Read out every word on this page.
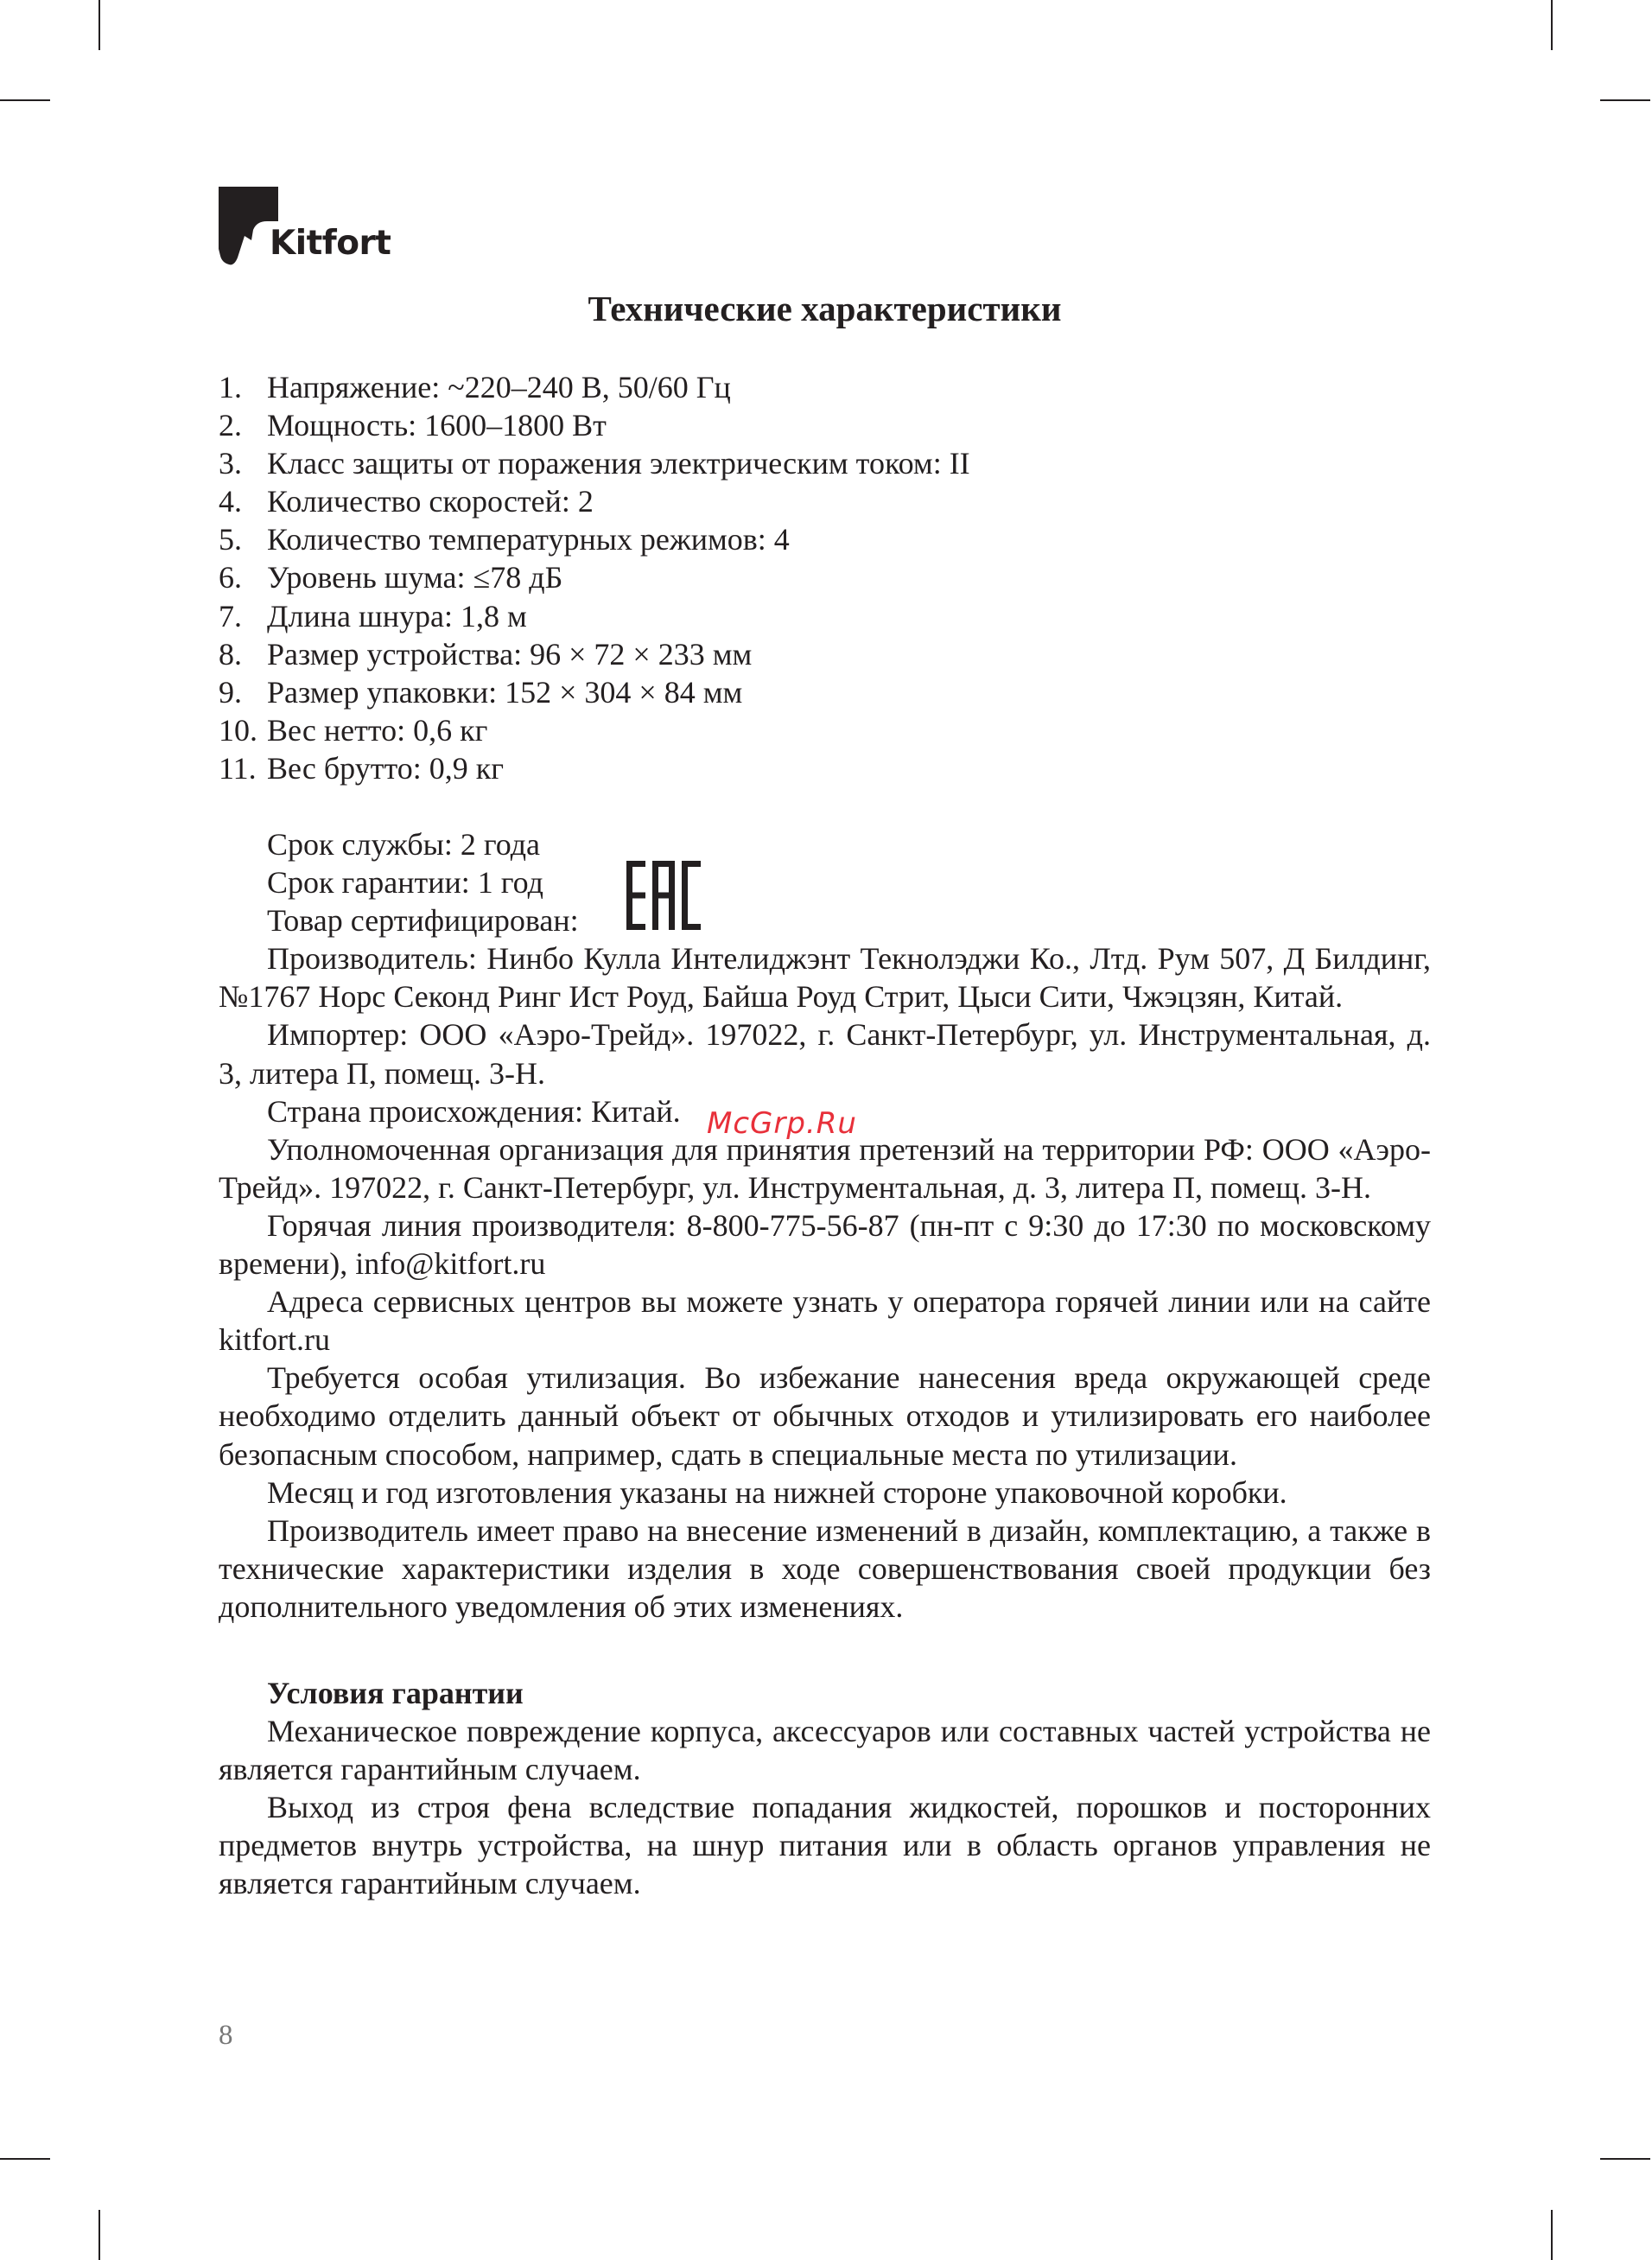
Kitfort
Технические характеристики
1. Напряжение: ~220–240 В, 50/60 Гц
2. Мощность: 1600–1800 Вт
3. Класс защиты от поражения электрическим током: II
4. Количество скоростей: 2
5. Количество температурных режимов: 4
6. Уровень шума: ≤78 дБ
7. Длина шнура: 1,8 м
8. Размер устройства: 96 × 72 × 233 мм
9. Размер упаковки: 152 × 304 × 84 мм
10. Вес нетто: 0,6 кг
11. Вес брутто: 0,9 кг

Срок службы: 2 года

Срок гарантии: 1 год

Товар сертифицирован:

Производитель: Нинбо Кулла Интелиджэнт Текнолэджи Ко., Лтд. Рум 507, Д Билдинг, №1767 Норс Секонд Ринг Ист Роуд, Байша Роуд Стрит, Цыси Сити, Чжэцзян, Китай.

Импортер: ООО «Аэро-Трейд». 197022, г. Санкт-Петербург, ул. Инструментальная, д. 3, литера П, помещ. 3-Н.

Страна происхождения: Китай.

Уполномоченная организация для принятия претензий на территории РФ: ООО «Аэро-Трейд». 197022, г. Санкт-Петербург, ул. Инструментальная, д. 3, литера П, помещ. 3-Н.

Горячая линия производителя: 8-800-775-56-87 (пн-пт с 9:30 до 17:30 по московскому времени), info@kitfort.ru

Адреса сервисных центров вы можете узнать у оператора горячей линии или на сайте kitfort.ru

Требуется особая утилизация. Во избежание нанесения вреда окружающей среде необходимо отделить данный объект от обычных отходов и утилизировать его наиболее безопасным способом, например, сдать в специальные места по утилизации.

Месяц и год изготовления указаны на нижней стороне упаковочной коробки.

Производитель имеет право на внесение изменений в дизайн, комплектацию, а также в технические характеристики изделия в ходе совершенствования своей продукции без дополнительного уведомления об этих изменениях.

Условия гарантии

Механическое повреждение корпуса, аксессуаров или составных частей устройства не является гарантийным случаем.

Выход из строя фена вследствие попадания жидкостей, порошков и посторонних предметов внутрь устройства, на шнур питания или в область органов управления не является гарантийным случаем.

McGrp.Ru
8
